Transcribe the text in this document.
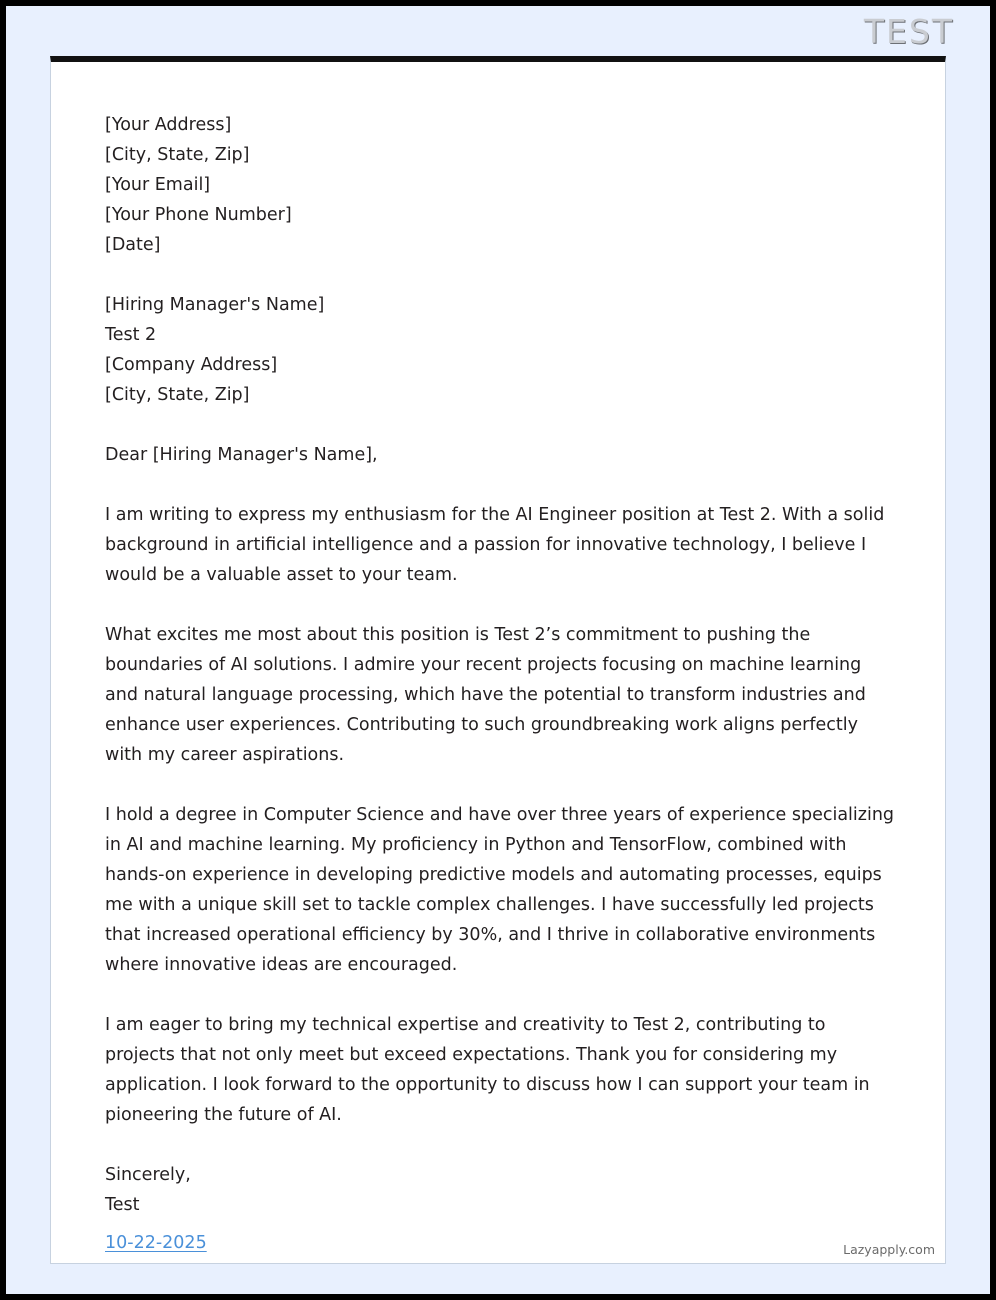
TEST
[Your Address]
[City, State, Zip]
[Your Email]
[Your Phone Number]
[Date]
[Hiring Manager's Name]
Test 2
[Company Address]
[City, State, Zip]

Dear [Hiring Manager's Name],

I am writing to express my enthusiasm for the AI Engineer position at Test 2. With a solid background in artificial intelligence and a passion for innovative technology, I believe I would be a valuable asset to your team.

What excites me most about this position is Test 2’s commitment to pushing the boundaries of AI solutions. I admire your recent projects focusing on machine learning and natural language processing, which have the potential to transform industries and enhance user experiences. Contributing to such groundbreaking work aligns perfectly with my career aspirations.

I hold a degree in Computer Science and have over three years of experience specializing in AI and machine learning. My proficiency in Python and TensorFlow, combined with hands-on experience in developing predictive models and automating processes, equips me with a unique skill set to tackle complex challenges. I have successfully led projects that increased operational efficiency by 30%, and I thrive in collaborative environments where innovative ideas are encouraged.

I am eager to bring my technical expertise and creativity to Test 2, contributing to projects that not only meet but exceed expectations. Thank you for considering my application. I look forward to the opportunity to discuss how I can support your team in pioneering the future of AI.

Sincerely,
Test
10-22-2025	Lazyapply.com
